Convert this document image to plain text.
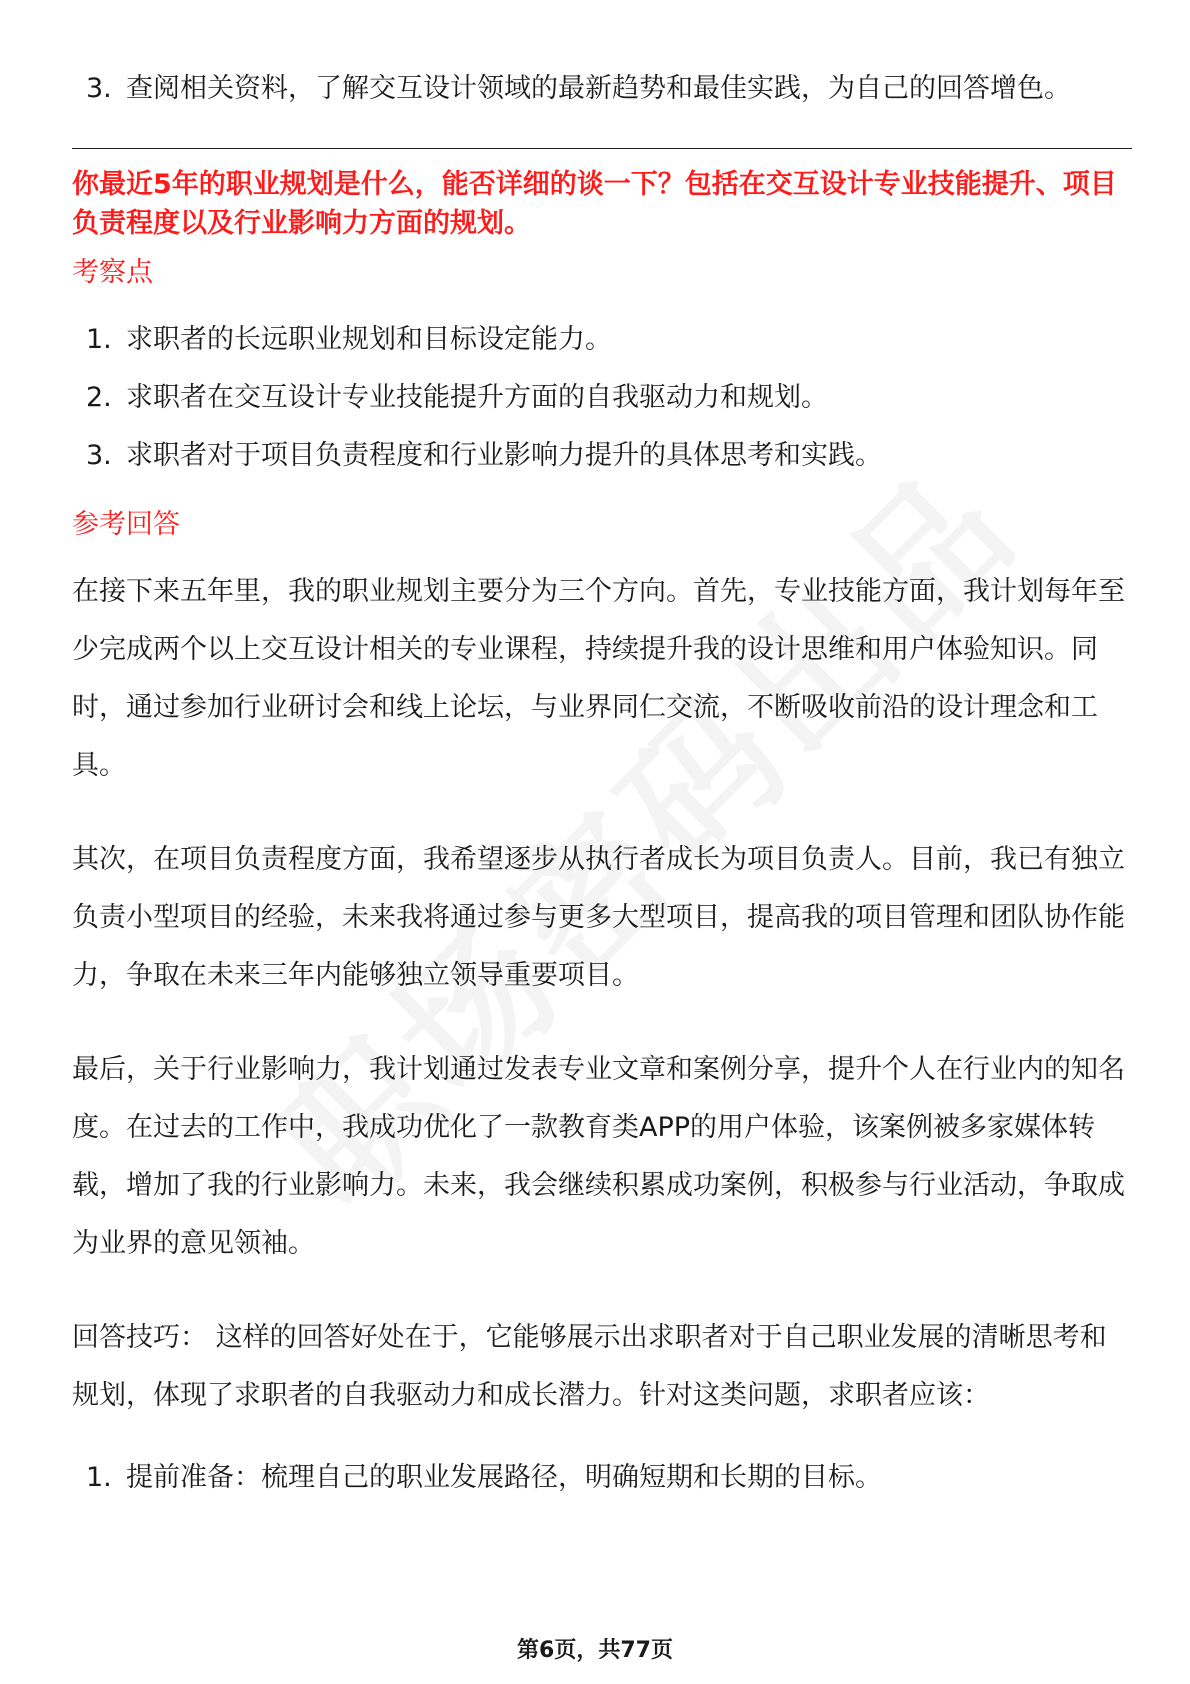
3. 查阅相关资料，了解交互设计领域的最新趋势和最佳实践，为自己的回答增色。
你最近5年的职业规划是什么，能否详细的谈一下？包括在交互设计专业技能提升、项目负责程度以及行业影响力方面的规划。
考察点
1. 求职者的长远职业规划和目标设定能力。
2. 求职者在交互设计专业技能提升方面的自我驱动力和规划。
3. 求职者对于项目负责程度和行业影响力提升的具体思考和实践。
参考回答

在接下来五年里，我的职业规划主要分为三个方向。首先，专业技能方面，我计划每年至少完成两个以上交互设计相关的专业课程，持续提升我的设计思维和用户体验知识。同时，通过参加行业研讨会和线上论坛，与业界同仁交流，不断吸收前沿的设计理念和工具。

其次，在项目负责程度方面，我希望逐步从执行者成长为项目负责人。目前，我已有独立负责小型项目的经验，未来我将通过参与更多大型项目，提高我的项目管理和团队协作能力，争取在未来三年内能够独立领导重要项目。

最后，关于行业影响力，我计划通过发表专业文章和案例分享，提升个人在行业内的知名度。在过去的工作中，我成功优化了一款教育类APP的用户体验，该案例被多家媒体转载，增加了我的行业影响力。未来，我会继续积累成功案例，积极参与行业活动，争取成为业界的意见领袖。

回答技巧： 这样的回答好处在于，它能够展示出求职者对于自己职业发展的清晰思考和规划，体现了求职者的自我驱动力和成长潜力。针对这类问题，求职者应该：

1. 提前准备：梳理自己的职业发展路径，明确短期和长期的目标。
第6页，共77页
